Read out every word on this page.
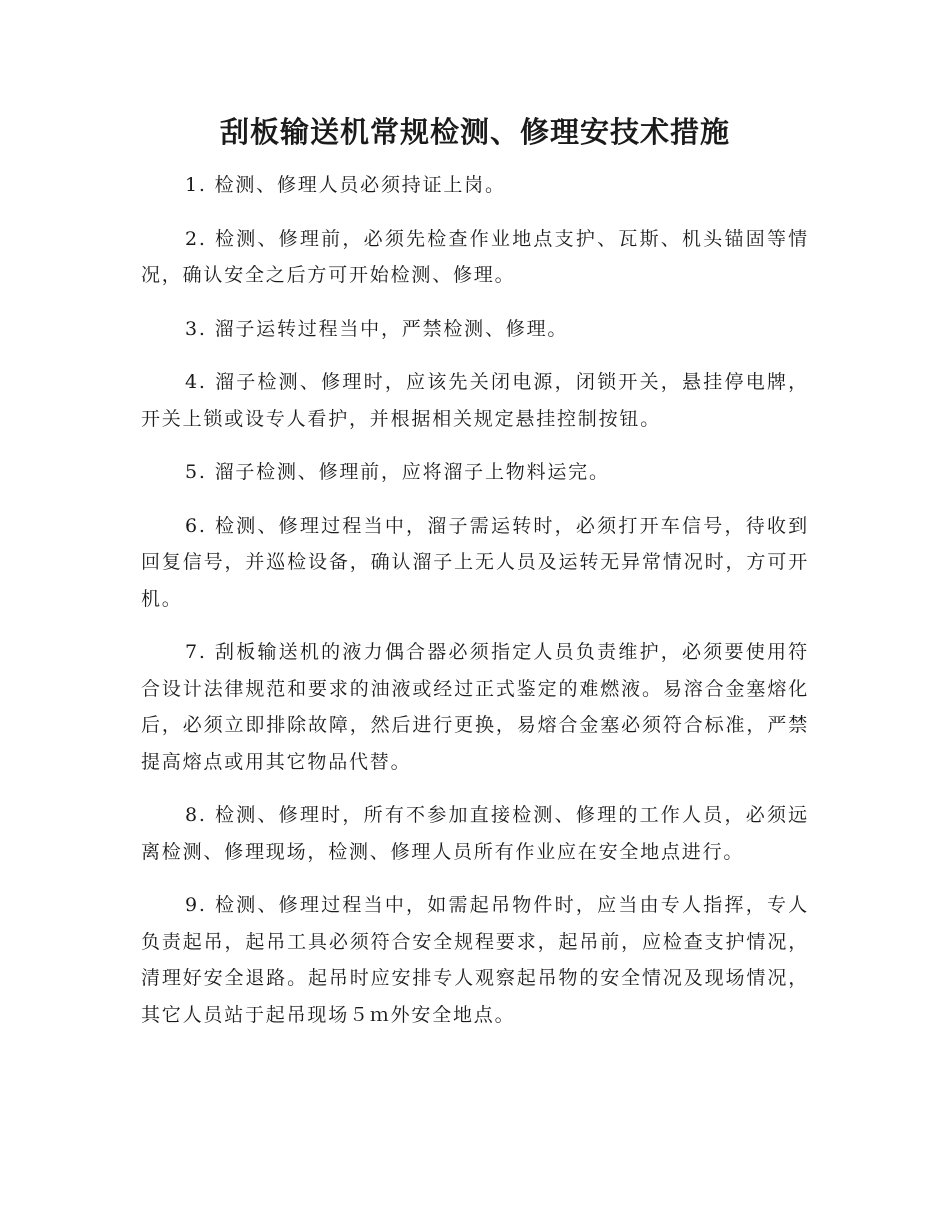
刮板输送机常规检测、修理安技术措施

1. 检测、修理人员必须持证上岗。

2. 检测、修理前，必须先检查作业地点支护、瓦斯、机头锚固等情况，确认安全之后方可开始检测、修理。

3. 溜子运转过程当中，严禁检测、修理。

4. 溜子检测、修理时，应该先关闭电源，闭锁开关，悬挂停电牌，开关上锁或设专人看护，并根据相关规定悬挂控制按钮。

5. 溜子检测、修理前，应将溜子上物料运完。

6. 检测、修理过程当中，溜子需运转时，必须打开车信号，待收到回复信号，并巡检设备，确认溜子上无人员及运转无异常情况时，方可开机。

7. 刮板输送机的液力偶合器必须指定人员负责维护，必须要使用符合设计法律规范和要求的油液或经过正式鉴定的难燃液。易溶合金塞熔化后，必须立即排除故障，然后进行更换，易熔合金塞必须符合标准，严禁提高熔点或用其它物品代替。

8. 检测、修理时，所有不参加直接检测、修理的工作人员，必须远离检测、修理现场，检测、修理人员所有作业应在安全地点进行。

9. 检测、修理过程当中，如需起吊物件时，应当由专人指挥，专人负责起吊，起吊工具必须符合安全规程要求，起吊前，应检查支护情况，清理好安全退路。起吊时应安排专人观察起吊物的安全情况及现场情况，其它人员站于起吊现场５ｍ外安全地点。
